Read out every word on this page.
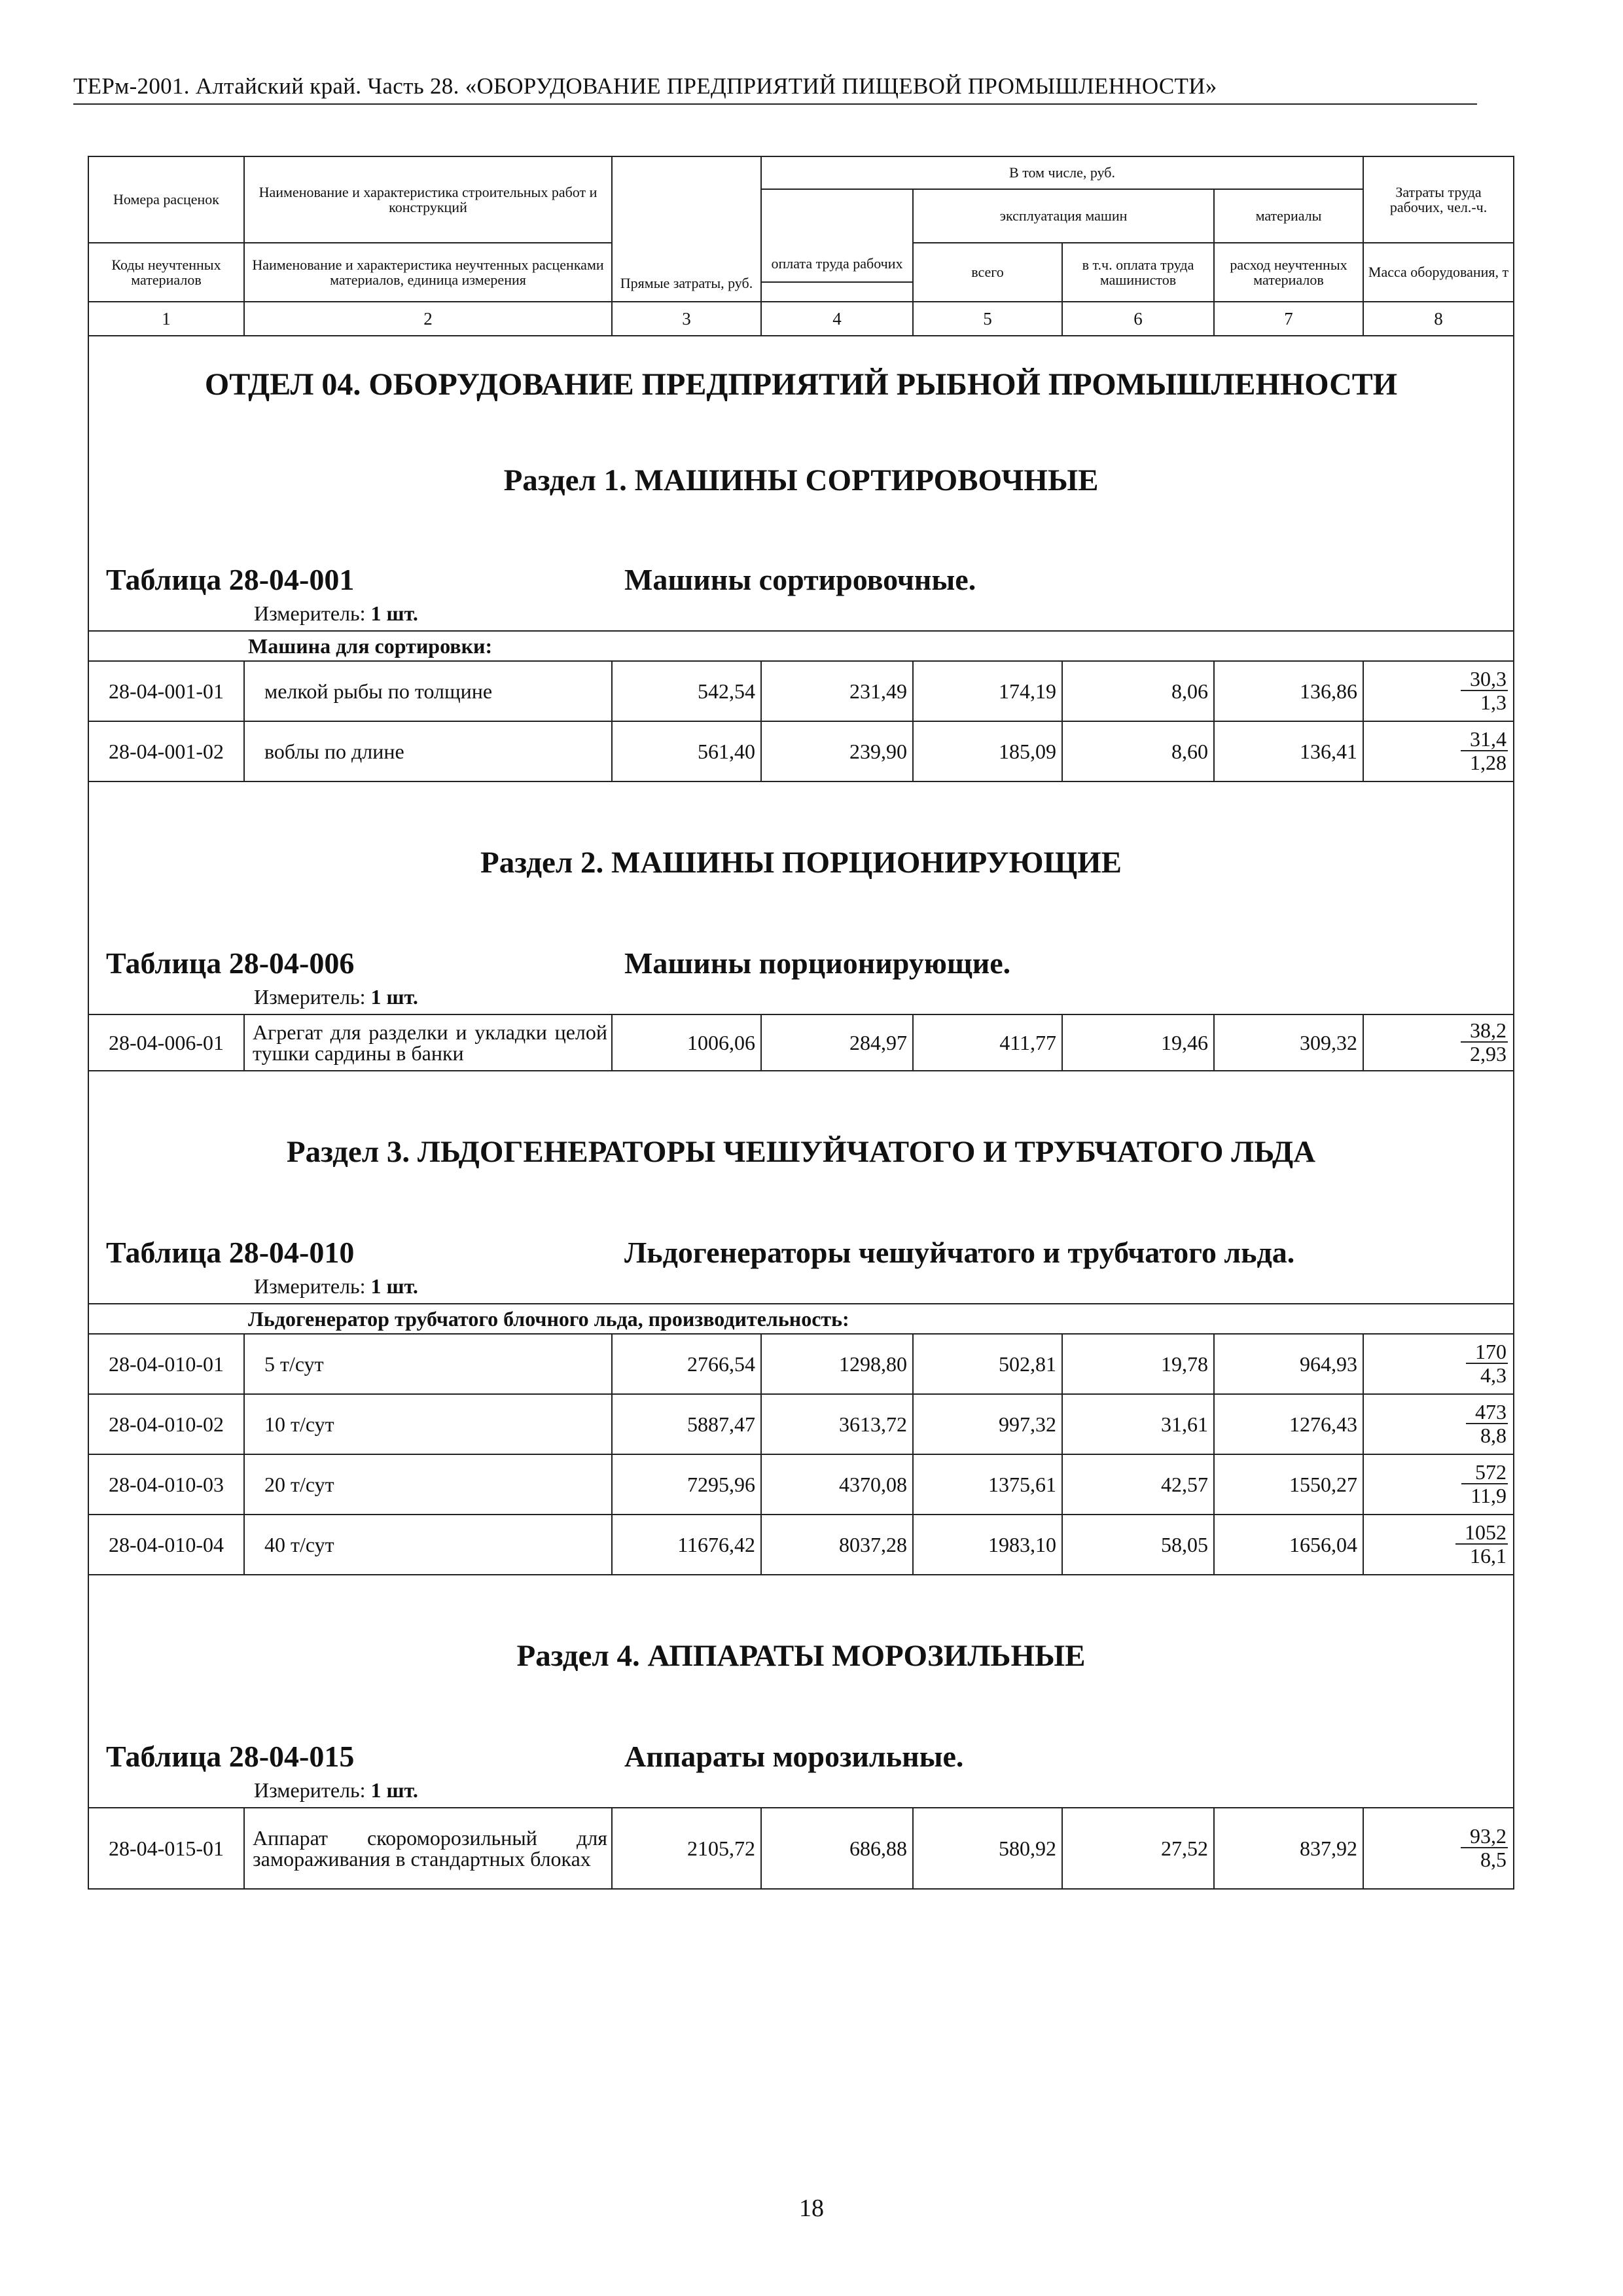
ТЕРм-2001. Алтайский край. Часть 28. «ОБОРУДОВАНИЕ ПРЕДПРИЯТИЙ ПИЩЕВОЙ ПРОМЫШЛЕННОСТИ»
Номера расценок	Наименование и характеристика строительных работ и конструкций	Прямые затраты, руб.	В том числе, руб.				Затраты труда рабочих, чел.-ч.
			оплата труда рабочих	эксплуатация машин		материалы	

Коды неучтенных материалов	Наименование и характеристика неучтенных расценками материалов, единица измерения			всего	в т.ч. оплата труда машинистов	расход неучтенных материалов	Масса оборудования, т

1	2	3	4	5	6	7	8

ОТДЕЛ 04. ОБОРУДОВАНИЕ ПРЕДПРИЯТИЙ РЫБНОЙ ПРОМЫШЛЕННОСТИ
Раздел 1. МАШИНЫ СОРТИРОВОЧНЫЕ
Таблица 28-04-001 Машины сортировочные.
Измеритель: 1 шт.							

	Машина для сортировки:						
28-04-001-01	мелкой рыбы по толщине	542,54	231,49	174,19	8,06	136,86	$\frac{30,3}{1,3}$

28-04-001-02	воблы по длине	561,40	239,90	185,09	8,60	136,41	$\frac{31,4}{1,28}$

Раздел 2. МАШИНЫ ПОРЦИОНИРУЮЩИЕ
Таблица 28-04-006 Машины порционирующие.
Измеритель: 1 шт.							

28-04-006-01	Агрегат для разделки и укладки целой тушки сардины в банки	1006,06	284,97	411,77	19,46	309,32	$\frac{38,2}{2,93}$

Раздел 3. ЛЬДОГЕНЕРАТОРЫ ЧЕШУЙЧАТОГО И ТРУБЧАТОГО ЛЬДА
Таблица 28-04-010 Льдогенераторы чешуйчатого и трубчатого льда.
Измеритель: 1 шт.							

	Льдогенератор трубчатого блочного льда, производительность:						
28-04-010-01	5 т/сут	2766,54	1298,80	502,81	19,78	964,93	$\frac{170}{4,3}$

28-04-010-02	10 т/сут	5887,47	3613,72	997,32	31,61	1276,43	$\frac{473}{8,8}$

28-04-010-03	20 т/сут	7295,96	4370,08	1375,61	42,57	1550,27	$\frac{572}{11,9}$

28-04-010-04	40 т/сут	11676,42	8037,28	1983,10	58,05	1656,04	$\frac{1052}{16,1}$

Раздел 4. АППАРАТЫ МОРОЗИЛЬНЫЕ
Таблица 28-04-015 Аппараты морозильные.
Измеритель: 1 шт.							

28-04-015-01	Аппарат скороморозильный для замораживания в стандартных блоках	2105,72	686,88	580,92	27,52	837,92	$\frac{93,2}{8,5}$
18
